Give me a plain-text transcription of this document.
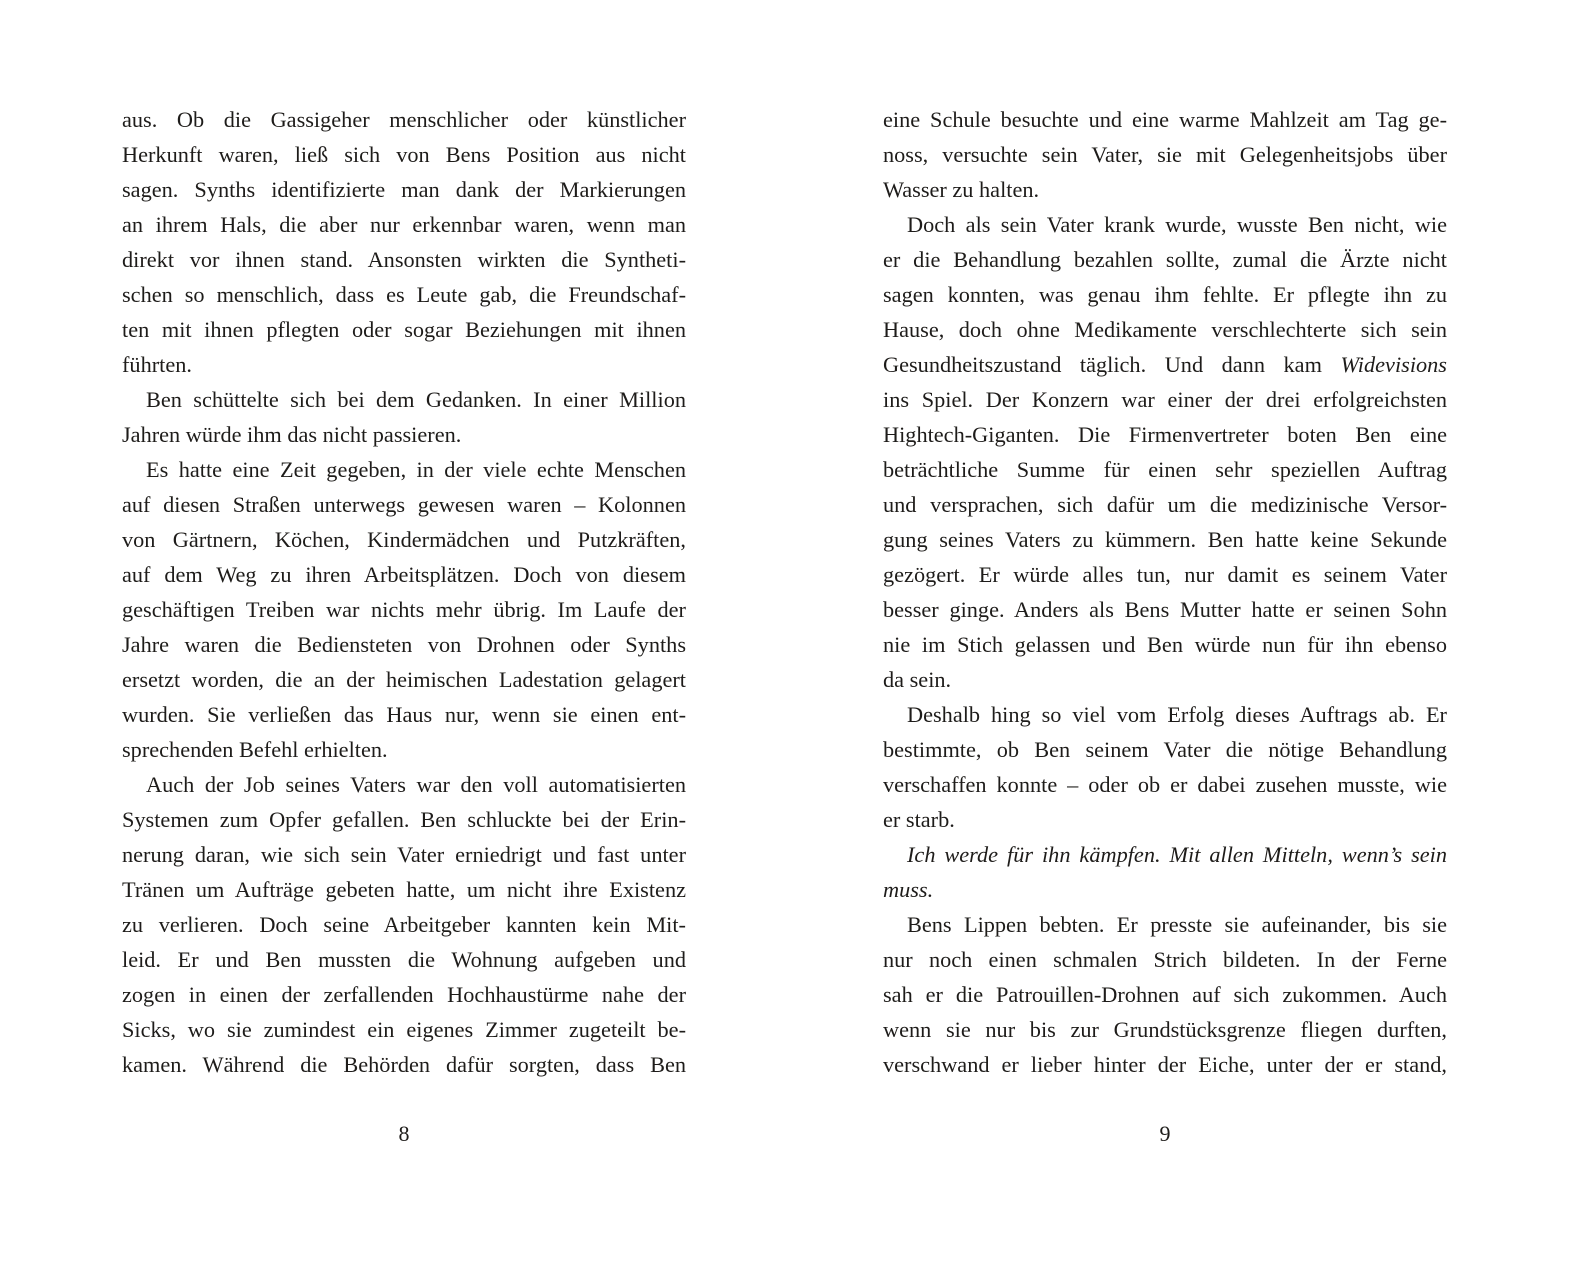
aus. Ob die Gassigeher menschlicher oder künstlicher
Herkunft waren, ließ sich von Bens Position aus nicht
sagen. Synths identifizierte man dank der Markierungen
an ihrem Hals, die aber nur erkennbar waren, wenn man
direkt vor ihnen stand. Ansonsten wirkten die Syntheti-
schen so menschlich, dass es Leute gab, die Freundschaf-
ten mit ihnen pflegten oder sogar Beziehungen mit ihnen
führten.
Ben schüttelte sich bei dem Gedanken. In einer Million
Jahren würde ihm das nicht passieren.
Es hatte eine Zeit gegeben, in der viele echte Menschen
auf diesen Straßen unterwegs gewesen waren – Kolonnen
von Gärtnern, Köchen, Kindermädchen und Putzkräften,
auf dem Weg zu ihren Arbeitsplätzen. Doch von diesem
geschäftigen Treiben war nichts mehr übrig. Im Laufe der
Jahre waren die Bediensteten von Drohnen oder Synths
ersetzt worden, die an der heimischen Ladestation gelagert
wurden. Sie verließen das Haus nur, wenn sie einen ent-
sprechenden Befehl erhielten.
Auch der Job seines Vaters war den voll automatisierten
Systemen zum Opfer gefallen. Ben schluckte bei der Erin-
nerung daran, wie sich sein Vater erniedrigt und fast unter
Tränen um Aufträge gebeten hatte, um nicht ihre Existenz
zu verlieren. Doch seine Arbeitgeber kannten kein Mit-
leid. Er und Ben mussten die Wohnung aufgeben und
zogen in einen der zerfallenden Hochhaustürme nahe der
Sicks, wo sie zumindest ein eigenes Zimmer zugeteilt be-
kamen. Während die Behörden dafür sorgten, dass Ben
eine Schule besuchte und eine warme Mahlzeit am Tag ge-
noss, versuchte sein Vater, sie mit Gelegenheitsjobs über
Wasser zu halten.
Doch als sein Vater krank wurde, wusste Ben nicht, wie
er die Behandlung bezahlen sollte, zumal die Ärzte nicht
sagen konnten, was genau ihm fehlte. Er pflegte ihn zu
Hause, doch ohne Medikamente verschlechterte sich sein
Gesundheitszustand täglich. Und dann kam Widevisions
ins Spiel. Der Konzern war einer der drei erfolgreichsten
Hightech-Giganten. Die Firmenvertreter boten Ben eine
beträchtliche Summe für einen sehr speziellen Auftrag
und versprachen, sich dafür um die medizinische Versor-
gung seines Vaters zu kümmern. Ben hatte keine Sekunde
gezögert. Er würde alles tun, nur damit es seinem Vater
besser ginge. Anders als Bens Mutter hatte er seinen Sohn
nie im Stich gelassen und Ben würde nun für ihn ebenso
da sein.
Deshalb hing so viel vom Erfolg dieses Auftrags ab. Er
bestimmte, ob Ben seinem Vater die nötige Behandlung
verschaffen konnte – oder ob er dabei zusehen musste, wie
er starb.
Ich werde für ihn kämpfen. Mit allen Mitteln, wenn’s sein
muss.
Bens Lippen bebten. Er presste sie aufeinander, bis sie
nur noch einen schmalen Strich bildeten. In der Ferne
sah er die Patrouillen-Drohnen auf sich zukommen. Auch
wenn sie nur bis zur Grundstücksgrenze fliegen durften,
verschwand er lieber hinter der Eiche, unter der er stand,
8	9
